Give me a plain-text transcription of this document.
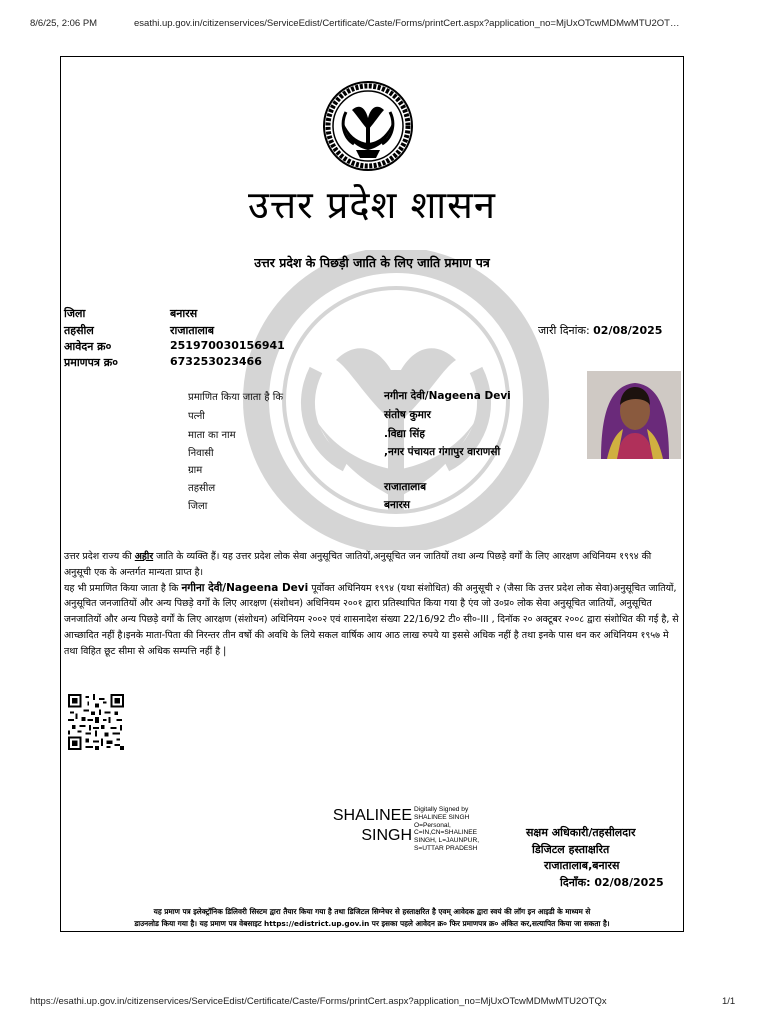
8/6/25, 2:06 PM	esathi.up.gov.in/citizenservices/ServiceEdist/Certificate/Caste/Forms/printCert.aspx?application_no=MjUxOTcwMDMwMTU2OT…
उत्तर प्रदेश शासन
उत्तर प्रदेश के पिछड़ी जाति के लिए जाति प्रमाण पत्र
जिला	बनारस
तहसील	राजातालाब
आवेदन क्र०	251970030156941
प्रमाणपत्र क्र०	673253023466
जारी दिनांक: 02/08/2025
प्रमाणित किया जाता है कि	नगीना देवी/Nageena Devi
पत्नी	संतोष कुमार
माता का नाम	.विद्या सिंह
निवासी	,नगर पंचायत गंगापुर वाराणसी
ग्राम
तहसील	राजातालाब
जिला	बनारस

उत्तर प्रदेश राज्य की अहीर जाति के व्यक्ति हैं। यह उत्तर प्रदेश लोक सेवा अनुसूचित जातियों,अनुसूचित जन जातियों तथा अन्य पिछड़े वर्गों के लिए आरक्षण अधिनियम १९९४ की अनुसूची एक के अन्तर्गत मान्यता प्राप्त है।

यह भी प्रमाणित किया जाता है कि नगीना देवी/Nageena Devi पूर्वोक्त अधिनियम १९९४ (यथा संशोधित) की अनुसूची २ (जैसा कि उत्तर प्रदेश लोक सेवा)अनुसूचित जातियों, अनुसूचित जनजातियों और अन्य पिछड़े वर्गों के लिए आरक्षण (संशोधन) अधिनियम २००१ द्वारा प्रतिस्थापित किया गया है एंव जो उ०प्र० लोक सेवा अनुसूचित जातियों, अनुसूचित जनजातियों और अन्य पिछड़े वर्गों के लिए आरक्षण (संशोधन) अधिनियम २००२ एवं शासनादेश संख्या 22/16/92 टी० सी०-III , दिनॉक २० अक्टूबर २००८ द्वारा संशोधित की गई है, से आच्छादित नहीं है।इनके माता-पिता की निरन्तर तीन वर्षो की अवधि के लिये सकल वार्षिक आय आठ लाख रुपये या इससे अधिक नहीं है तथा इनके पास धन कर अधिनियम १९५७ मे तथा विहित छूट सीमा से अधिक सम्पत्ति नहीं है |

SHALINEE
SINGH
Digitally Signed by
SHALINEE SINGH
O=Personal,
C=IN,CN=SHALINEE
SINGH, L=JAUNPUR,
S=UTTAR PRADESH
सक्षम अधिकारी/तहसीलदार
डिजिटल हस्ताक्षरित
राजातालाब,बनारस
दिनाँक: 02/08/2025
यह प्रमाण पत्र इलेक्ट्रॉनिक डिलिवरी सिस्टम द्वारा तैयार किया गया है तथा डिजिटल सिग्नेचर से हस्ताक्षरित है एवम् आवेदक द्वारा स्वयं की लॉग इन आइडी के माध्यम से
डाउनलोड किया गया है। यह प्रमाण पत्र वेबसाइट https://edistrict.up.gov.in पर इसका पहले आवेदन क्र० फिर प्रमाणपत्र क्र० अंकित कर,सत्यापित किया जा सकता है।
https://esathi.up.gov.in/citizenservices/ServiceEdist/Certificate/Caste/Forms/printCert.aspx?application_no=MjUxOTcwMDMwMTU2OTQx	1/1
